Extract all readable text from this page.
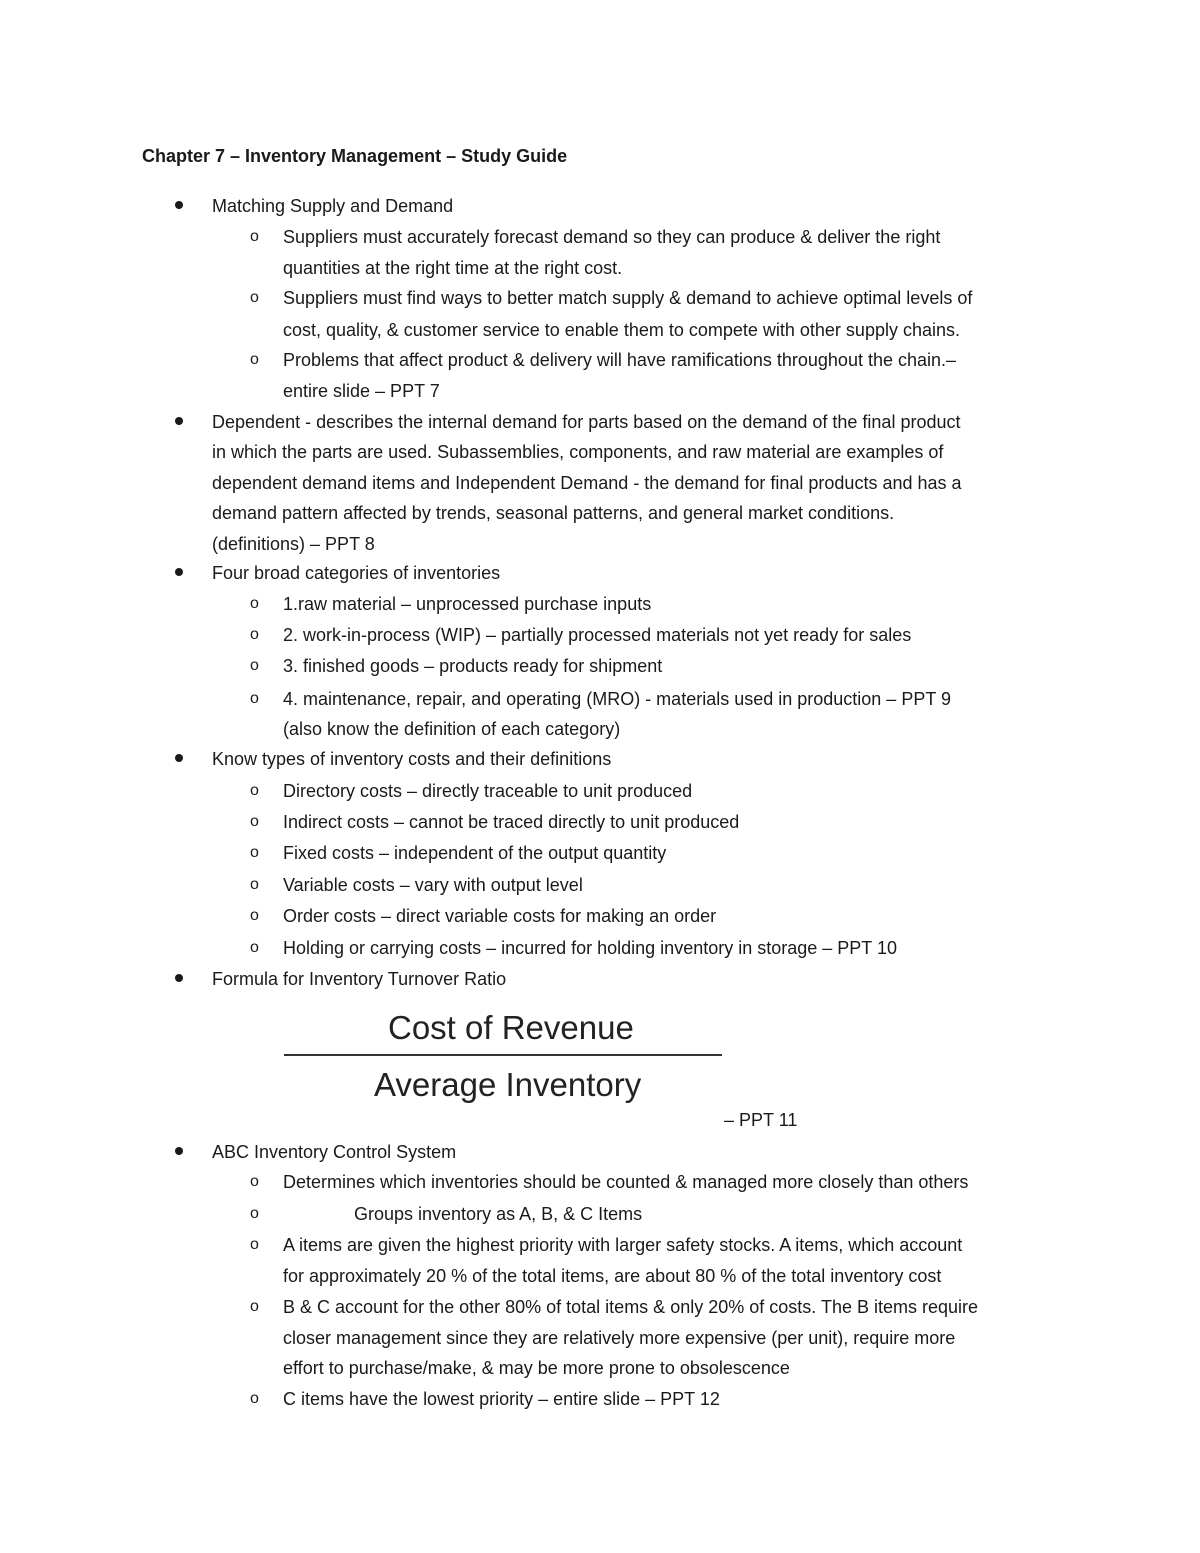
Chapter 7 – Inventory Management – Study Guide
Matching Supply and Demand
o Suppliers must accurately forecast demand so they can produce & deliver the right
quantities at the right time at the right cost.
o Suppliers must find ways to better match supply & demand to achieve optimal levels of
cost, quality, & customer service to enable them to compete with other supply chains.
o Problems that affect product & delivery will have ramifications throughout the chain.–
entire slide – PPT 7
Dependent - describes the internal demand for parts based on the demand of the final product
in which the parts are used. Subassemblies, components, and raw material are examples of
dependent demand items and Independent Demand - the demand for final products and has a
demand pattern affected by trends, seasonal patterns, and general market conditions.
(definitions) – PPT 8
Four broad categories of inventories
o 1.raw material – unprocessed purchase inputs
o 2. work-in-process (WIP) – partially processed materials not yet ready for sales
o 3. finished goods – products ready for shipment
o 4. maintenance, repair, and operating (MRO) - materials used in production – PPT 9
(also know the definition of each category)
Know types of inventory costs and their definitions
o Directory costs – directly traceable to unit produced
o Indirect costs – cannot be traced directly to unit produced
o Fixed costs – independent of the output quantity
o Variable costs – vary with output level
o Order costs – direct variable costs for making an order
o Holding or carrying costs – incurred for holding inventory in storage – PPT 10
Formula for Inventory Turnover Ratio
Cost of Revenue
Average Inventory
– PPT 11
ABC Inventory Control System
o Determines which inventories should be counted & managed more closely than others
o	Groups inventory as A, B, & C Items
o A items are given the highest priority with larger safety stocks. A items, which account
for approximately 20 % of the total items, are about 80 % of the total inventory cost
o B & C account for the other 80% of total items & only 20% of costs. The B items require
closer management since they are relatively more expensive (per unit), require more
effort to purchase/make, & may be more prone to obsolescence
o C items have the lowest priority – entire slide – PPT 12
